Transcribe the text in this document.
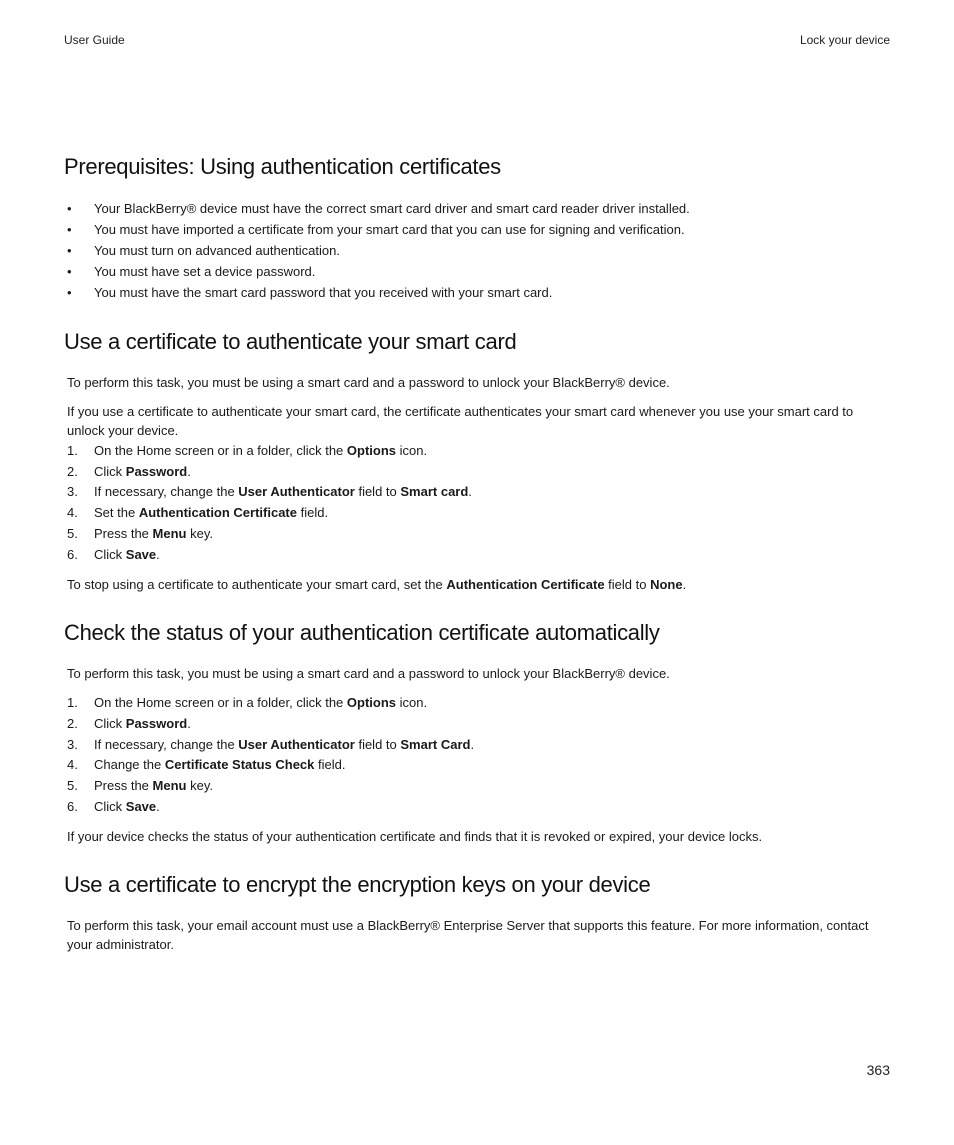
User Guide	Lock your device
Prerequisites: Using authentication certificates
• Your BlackBerry® device must have the correct smart card driver and smart card reader driver installed.
• You must have imported a certificate from your smart card that you can use for signing and verification.
• You must turn on advanced authentication.
• You must have set a device password.
• You must have the smart card password that you received with your smart card.
Use a certificate to authenticate your smart card

To perform this task, you must be using a smart card and a password to unlock your BlackBerry® device.

If you use a certificate to authenticate your smart card, the certificate authenticates your smart card whenever you use your smart card to unlock your device.

1. On the Home screen or in a folder, click the Options icon.
2. Click Password.
3. If necessary, change the User Authenticator field to Smart card.
4. Set the Authentication Certificate field.
5. Press the Menu key.
6. Click Save.

To stop using a certificate to authenticate your smart card, set the Authentication Certificate field to None.

Check the status of your authentication certificate automatically

To perform this task, you must be using a smart card and a password to unlock your BlackBerry® device.

1. On the Home screen or in a folder, click the Options icon.
2. Click Password.
3. If necessary, change the User Authenticator field to Smart Card.
4. Change the Certificate Status Check field.
5. Press the Menu key.
6. Click Save.

If your device checks the status of your authentication certificate and finds that it is revoked or expired, your device locks.

Use a certificate to encrypt the encryption keys on your device

To perform this task, your email account must use a BlackBerry® Enterprise Server that supports this feature. For more information, contact your administrator.

363
